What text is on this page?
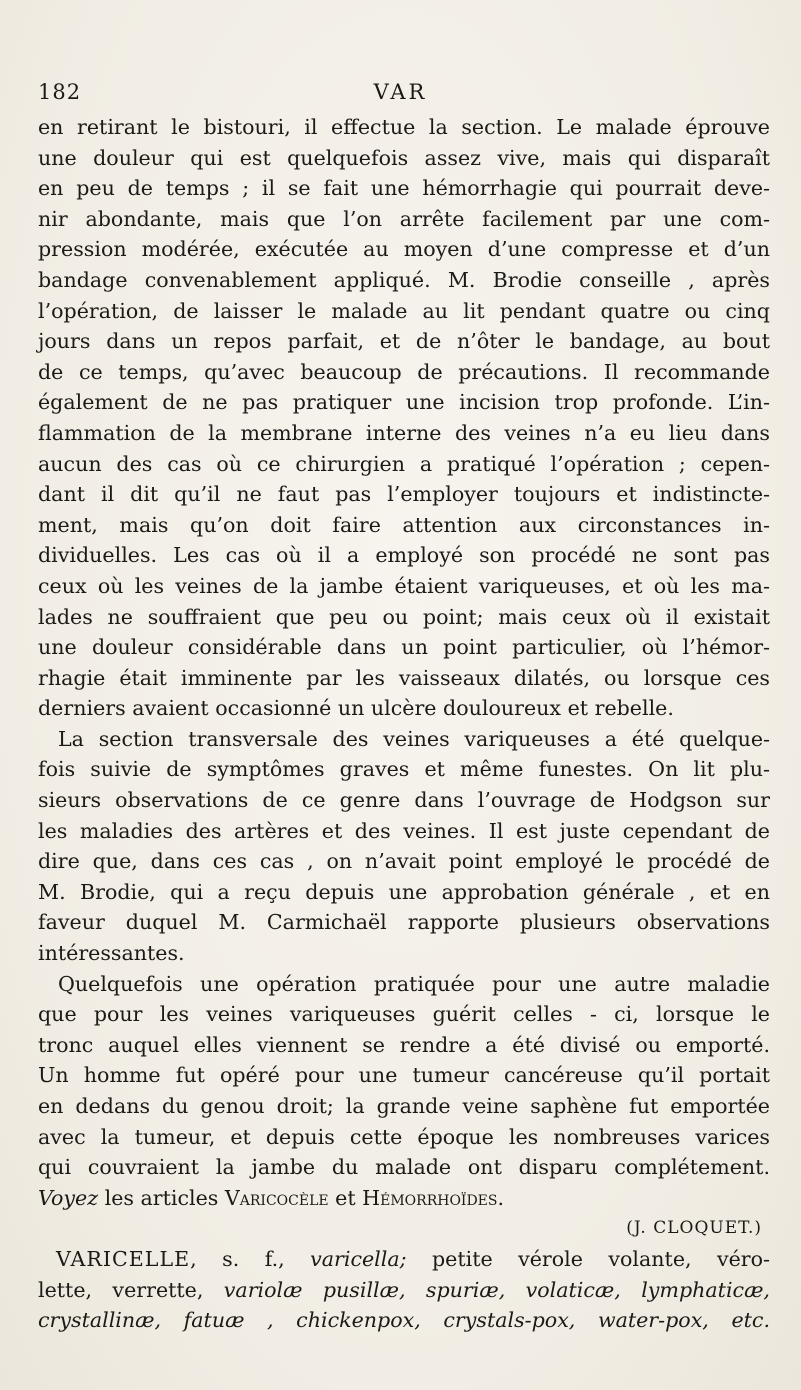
182	VAR
en retirant le bistouri, il effectue la section. Le malade éprouve
une douleur qui est quelquefois assez vive, mais qui disparaît
en peu de temps ; il se fait une hémorrhagie qui pourrait deve-
nir abondante, mais que l’on arrête facilement par une com-
pression modérée, exécutée au moyen d’une compresse et d’un
bandage convenablement appliqué. M. Brodie conseille , après
l’opération, de laisser le malade au lit pendant quatre ou cinq
jours dans un repos parfait, et de n’ôter le bandage, au bout
de ce temps, qu’avec beaucoup de précautions. Il recommande
également de ne pas pratiquer une incision trop profonde. L’in-
flammation de la membrane interne des veines n’a eu lieu dans
aucun des cas où ce chirurgien a pratiqué l’opération ; cepen-
dant il dit qu’il ne faut pas l’employer toujours et indistincte-
ment, mais qu’on doit faire attention aux circonstances in-
dividuelles. Les cas où il a employé son procédé ne sont pas
ceux où les veines de la jambe étaient variqueuses, et où les ma-
lades ne souffraient que peu ou point; mais ceux où il existait
une douleur considérable dans un point particulier, où l’hémor-
rhagie était imminente par les vaisseaux dilatés, ou lorsque ces
derniers avaient occasionné un ulcère douloureux et rebelle.
La section transversale des veines variqueuses a été quelque-
fois suivie de symptômes graves et même funestes. On lit plu-
sieurs observations de ce genre dans l’ouvrage de Hodgson sur
les maladies des artères et des veines. Il est juste cependant de
dire que, dans ces cas , on n’avait point employé le procédé de
M. Brodie, qui a reçu depuis une approbation générale , et en
faveur duquel M. Carmichaël rapporte plusieurs observations
intéressantes.
Quelquefois une opération pratiquée pour une autre maladie
que pour les veines variqueuses guérit celles - ci, lorsque le
tronc auquel elles viennent se rendre a été divisé ou emporté.
Un homme fut opéré pour une tumeur cancéreuse qu’il portait
en dedans du genou droit; la grande veine saphène fut emportée
avec la tumeur, et depuis cette époque les nombreuses varices
qui couvraient la jambe du malade ont disparu complétement.
Voyez les articles Varicocèle et Hémorrhoïdes.
(J. CLOQUET.)
VARICELLE, s. f., varicella; petite vérole volante, véro-
lette, verrette, variolæ pusillæ, spuriæ, volaticæ, lymphaticæ,
crystallinæ, fatuæ , chickenpox, crystals-pox, water-pox, etc.
